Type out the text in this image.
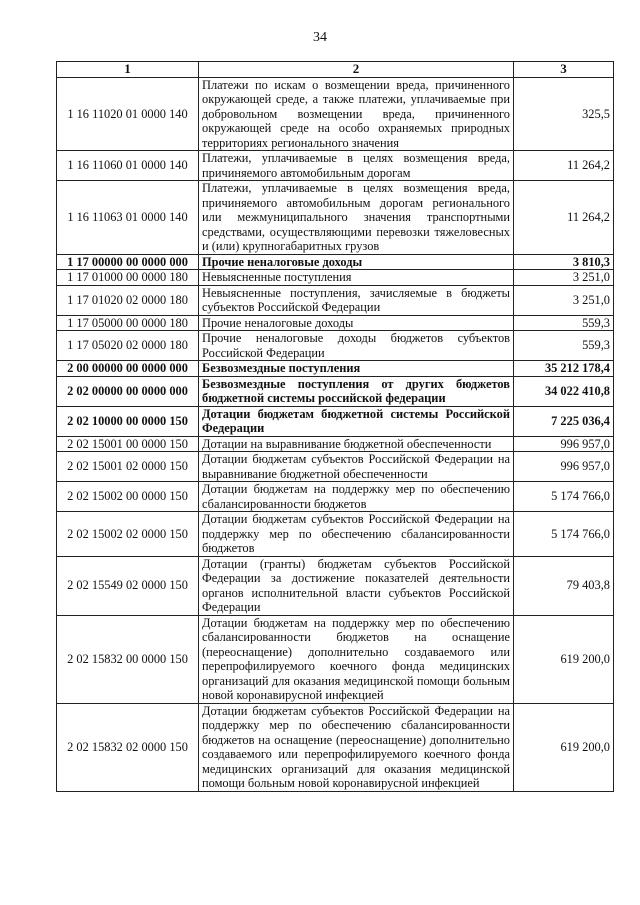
34
1	2	3
1 16 11020 01 0000 140	Платежи по искам о возмещении вреда, причиненного окружающей среде, а также платежи, уплачиваемые при добровольном возмещении вреда, причиненного окружающей среде на особо охраняемых природных территориях регионального значения	325,5
1 16 11060 01 0000 140	Платежи, уплачиваемые в целях возмещения вреда, причиняемого автомобильным дорогам	11 264,2
1 16 11063 01 0000 140	Платежи, уплачиваемые в целях возмещения вреда, причиняемого автомобильным дорогам регионального или межмуниципального значения транспортными средствами, осуществляющими перевозки тяжеловесных и (или) крупногабаритных грузов	11 264,2
1 17 00000 00 0000 000	Прочие неналоговые доходы	3 810,3
1 17 01000 00 0000 180	Невыясненные поступления	3 251,0
1 17 01020 02 0000 180	Невыясненные поступления, зачисляемые в бюджеты субъектов Российской Федерации	3 251,0
1 17 05000 00 0000 180	Прочие неналоговые доходы	559,3
1 17 05020 02 0000 180	Прочие неналоговые доходы бюджетов субъектов Российской Федерации	559,3
2 00 00000 00 0000 000	Безвозмездные поступления	35 212 178,4
2 02 00000 00 0000 000	Безвозмездные поступления от других бюджетов бюджетной системы российской федерации	34 022 410,8
2 02 10000 00 0000 150	Дотации бюджетам бюджетной системы Российской Федерации	7 225 036,4
2 02 15001 00 0000 150	Дотации на выравнивание бюджетной обеспеченности	996 957,0
2 02 15001 02 0000 150	Дотации бюджетам субъектов Российской Федерации на выравнивание бюджетной обеспеченности	996 957,0
2 02 15002 00 0000 150	Дотации бюджетам на поддержку мер по обеспечению сбалансированности бюджетов	5 174 766,0
2 02 15002 02 0000 150	Дотации бюджетам субъектов Российской Федерации на поддержку мер по обеспечению сбалансированности бюджетов	5 174 766,0
2 02 15549 02 0000 150	Дотации (гранты) бюджетам субъектов Российской Федерации за достижение показателей деятельности органов исполнительной власти субъектов Российской Федерации	79 403,8
2 02 15832 00 0000 150	Дотации бюджетам на поддержку мер по обеспечению сбалансированности бюджетов на оснащение (переоснащение) дополнительно создаваемого или перепрофилируемого коечного фонда медицинских организаций для оказания медицинской помощи больным новой коронавирусной инфекцией	619 200,0
2 02 15832 02 0000 150	Дотации бюджетам субъектов Российской Федерации на поддержку мер по обеспечению сбалансированности бюджетов на оснащение (переоснащение) дополнительно создаваемого или перепрофилируемого коечного фонда медицинских организаций для оказания медицинской помощи больным новой коронавирусной инфекцией	619 200,0
